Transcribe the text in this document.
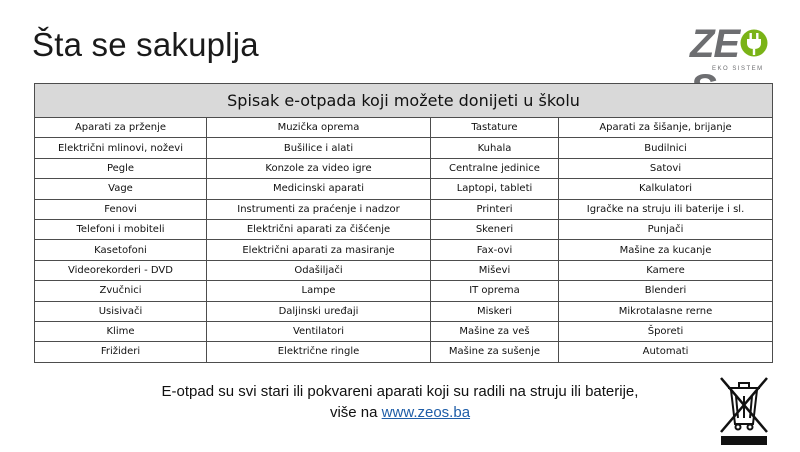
Šta se sakuplja	ZE
EKO SISTEM
Spisak e-otpada koji možete donijeti u školu			
Aparati za prženje	Muzička oprema	Tastature	Aparati za šišanje, brijanje
Električni mlinovi, noževi	Bušilice i alati	Kuhala	Budilnici
Pegle	Konzole za video igre	Centralne jedinice	Satovi
Vage	Medicinski aparati	Laptopi, tableti	Kalkulatori
Fenovi	Instrumenti za praćenje i nadzor	Printeri	Igračke na struju ili baterije i sl.
Telefoni i mobiteli	Električni aparati za čišćenje	Skeneri	Punjači
Kasetofoni	Električni aparati za masiranje	Fax-ovi	Mašine za kucanje
Videorekorderi - DVD	Odašiljači	Miševi	Kamere
Zvučnici	Lampe	IT oprema	Blenderi
Usisivači	Daljinski uređaji	Miskeri	Mikrotalasne rerne
Klime	Ventilatori	Mašine za veš	Šporeti
Frižideri	Električne ringle	Mašine za sušenje	Automati
E-otpad su svi stari ili pokvareni aparati koji su radili na struju ili baterije,
više na www.zeos.ba
